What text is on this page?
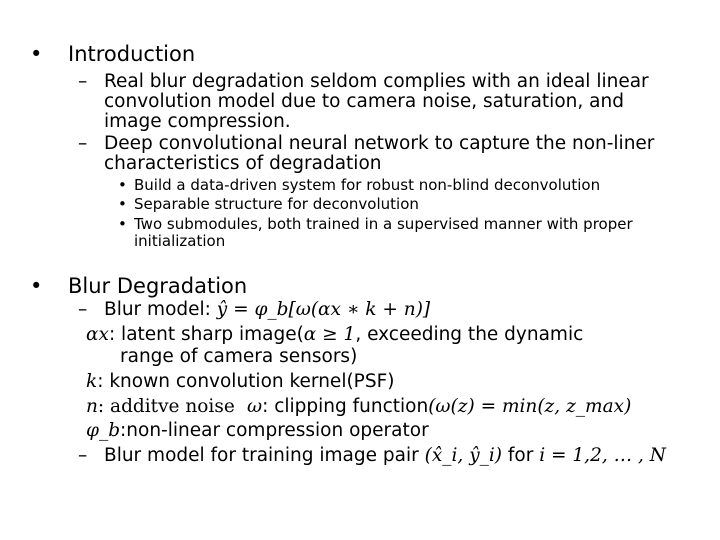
• Introduction
– Real blur degradation seldom complies with an ideal linear
convolution model due to camera noise, saturation, and
image compression.
– Deep convolutional neural network to capture the non-liner
characteristics of degradation
• Build a data-driven system for robust non-blind deconvolution
• Separable structure for deconvolution
• Two submodules, both trained in a supervised manner with proper
initialization
• Blur Degradation
– Blur model: ŷ = φ_b[ω(αx ∗ k + n)]
αx: latent sharp image(α ≥ 1, exceeding the dynamic
range of camera sensors)
k: known convolution kernel(PSF)
n: additve noise ω: clipping function(ω(z) = min(z, z_max)
φ_b:non-linear compression operator
– Blur model for training image pair (x̂_i, ŷ_i) for i = 1,2, … , N
